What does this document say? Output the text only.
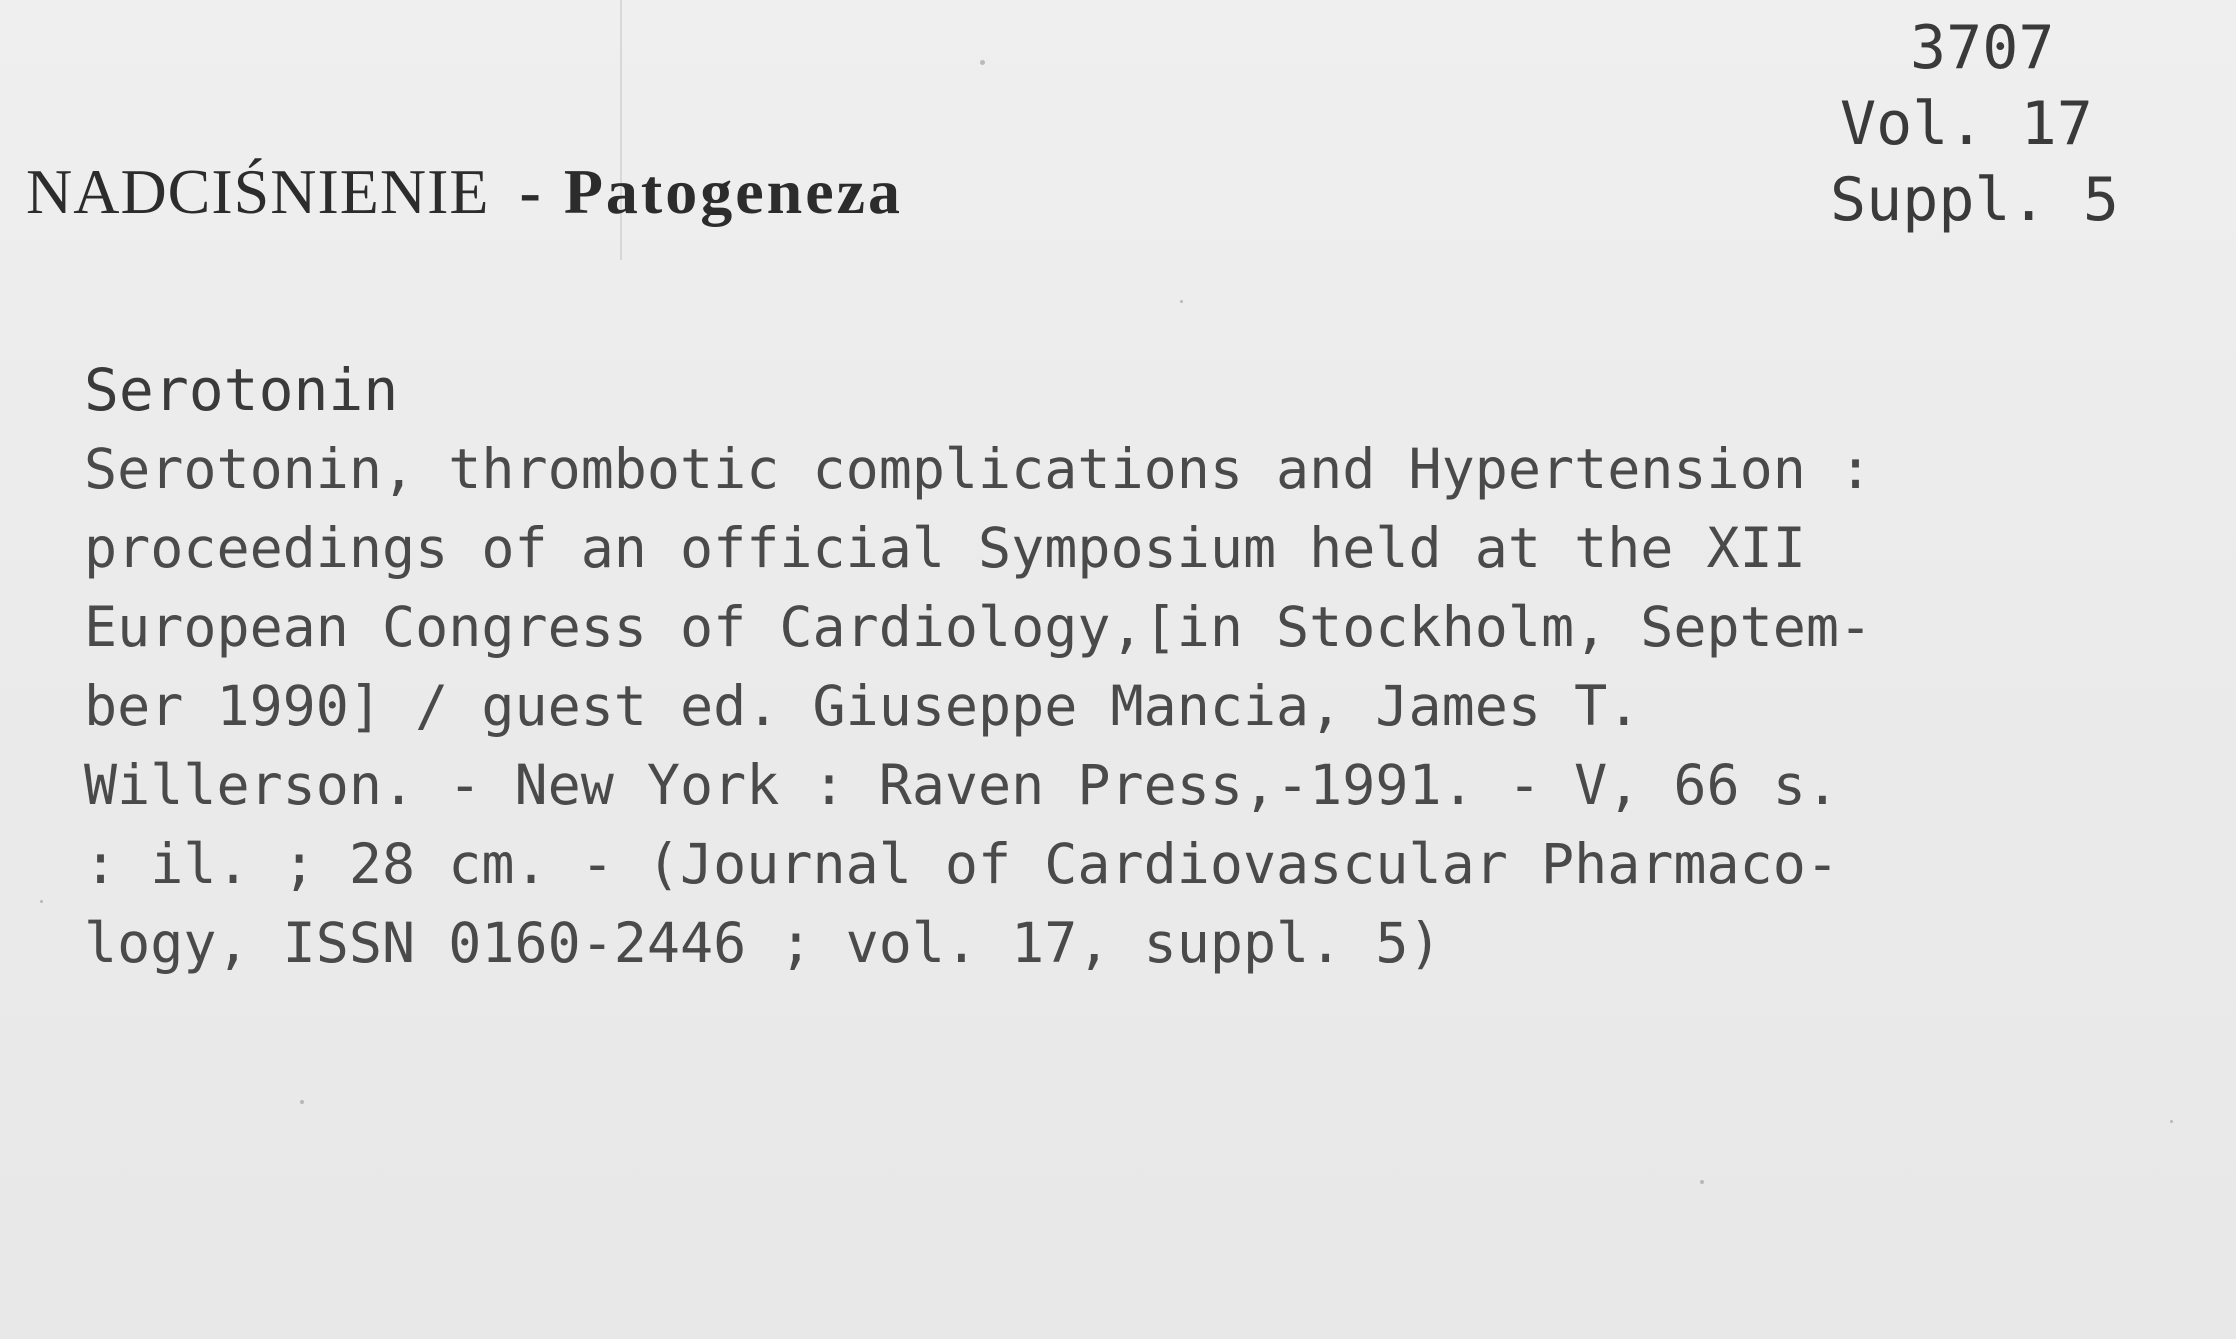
NADCIŚNIENIE - Patogeneza
3707
Vol. 17
Suppl. 5
Serotonin
Serotonin, thrombotic complications and Hypertension :
proceedings of an official Symposium held at the XII
European Congress of Cardiology,[in Stockholm, Septem-
ber 1990] / guest ed. Giuseppe Mancia, James T.
Willerson. - New York : Raven Press,-1991. - V, 66 s.
: il. ; 28 cm. - (Journal of Cardiovascular Pharmaco-
logy, ISSN 0160-2446 ; vol. 17, suppl. 5)
